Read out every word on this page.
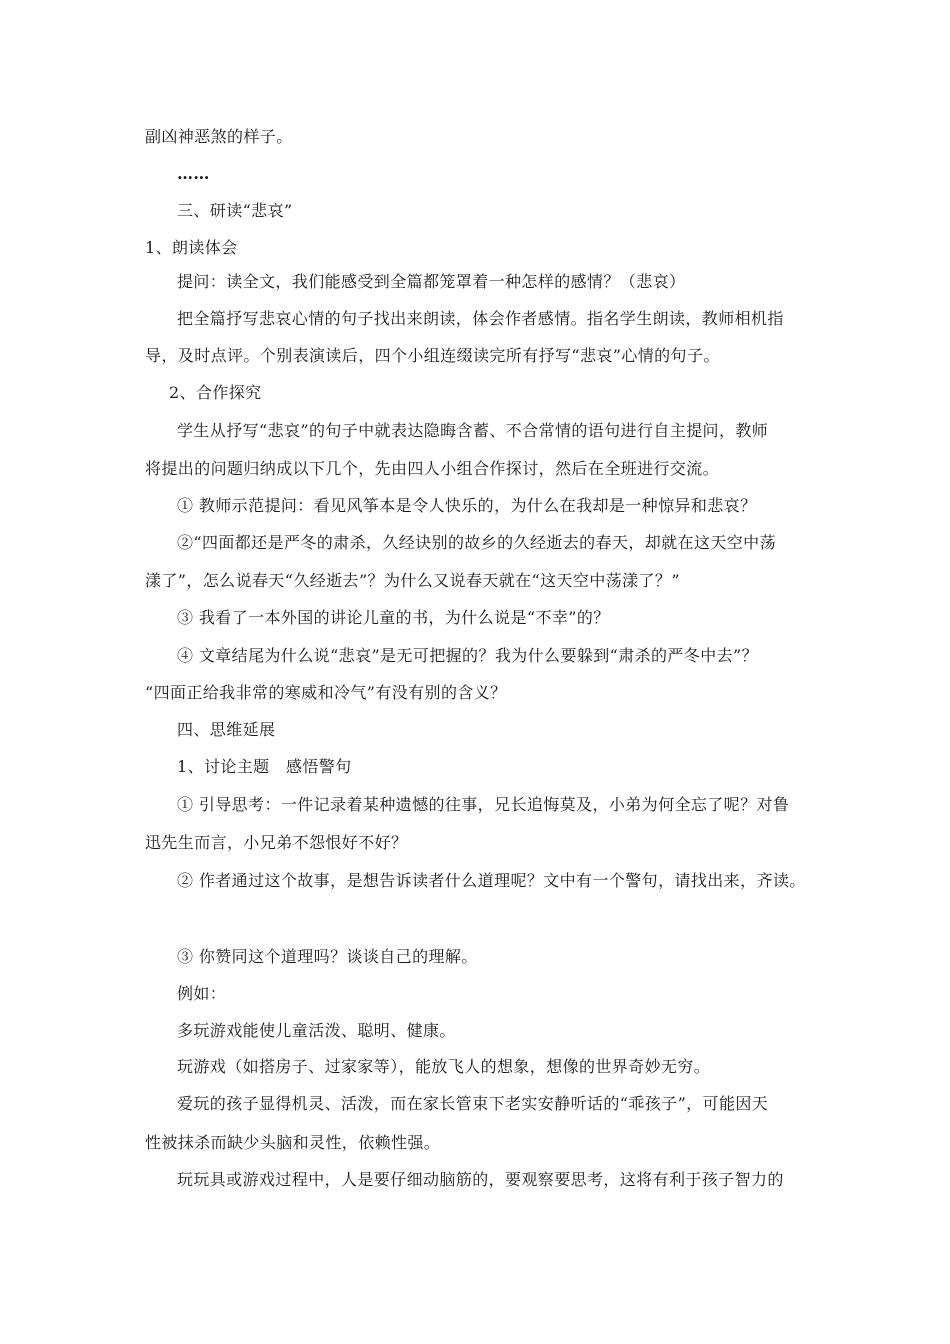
副凶神恶煞的样子。
……
三、研读“悲哀”
1、朗读体会
提问：读全文，我们能感受到全篇都笼罩着一种怎样的感情？（悲哀）
把全篇抒写悲哀心情的句子找出来朗读，体会作者感情。指名学生朗读，教师相机指
导，及时点评。个别表演读后，四个小组连缀读完所有抒写“悲哀”心情的句子。
2、合作探究
学生从抒写“悲哀”的句子中就表达隐晦含蓄、不合常情的语句进行自主提问，教师
将提出的问题归纳成以下几个，先由四人小组合作探讨，然后在全班进行交流。
① 教师示范提问：看见风筝本是令人快乐的，为什么在我却是一种惊异和悲哀？
②“四面都还是严冬的肃杀，久经诀别的故乡的久经逝去的春天，却就在这天空中荡
漾了”，怎么说春天“久经逝去”？为什么又说春天就在“这天空中荡漾了？”
③ 我看了一本外国的讲论儿童的书，为什么说是“不幸”的？
④ 文章结尾为什么说“悲哀”是无可把握的？我为什么要躲到“肃杀的严冬中去”？
“四面正给我非常的寒威和冷气”有没有别的含义？
四、思维延展
1、讨论主题　感悟警句
① 引导思考：一件记录着某种遗憾的往事，兄长追悔莫及，小弟为何全忘了呢？对鲁
迅先生而言，小兄弟不怨恨好不好？
② 作者通过这个故事，是想告诉读者什么道理呢？文中有一个警句，请找出来，齐读。
③ 你赞同这个道理吗？谈谈自己的理解。
例如：
多玩游戏能使儿童活泼、聪明、健康。
玩游戏（如搭房子、过家家等），能放飞人的想象，想像的世界奇妙无穷。
爱玩的孩子显得机灵、活泼，而在家长管束下老实安静听话的“乖孩子”，可能因天
性被抹杀而缺少头脑和灵性，依赖性强。
玩玩具或游戏过程中，人是要仔细动脑筋的，要观察要思考，这将有利于孩子智力的
